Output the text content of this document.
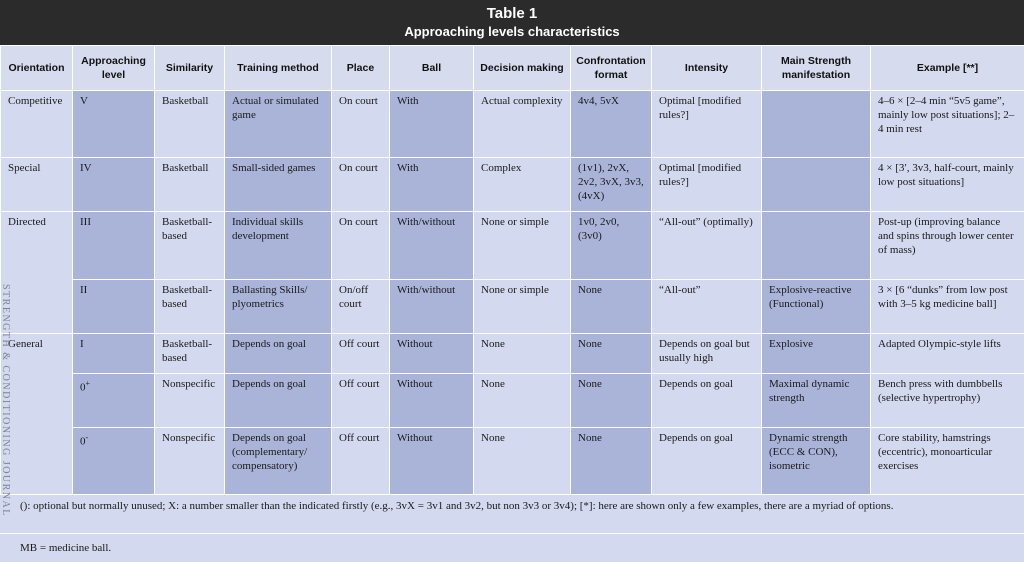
Table 1
Approaching levels characteristics
Orientation	Approaching level	Similarity	Training method	Place	Ball	Decision making	Confrontation format	Intensity	Main Strength manifestation	Example [**]
Competitive	V	Basketball	Actual or simulated game	On court	With	Actual complexity	4v4, 5vX	Optimal [modified rules?]		4–6 × [2–4 min “5v5 game”, mainly low post situations]; 2–4 min rest
Special	IV	Basketball	Small-sided games	On court	With	Complex	(1v1), 2vX, 2v2, 3vX, 3v3, (4vX)	Optimal [modified rules?]		4 × [3′, 3v3, half-court, mainly low post situations]
Directed	III	Basketball-based	Individual skills development	On court	With/without	None or simple	1v0, 2v0, (3v0)	“All-out” (optimally)		Post-up (improving balance and spins through lower center of mass)
	II	Basketball-based	Ballasting Skills/ plyometrics	On/off court	With/without	None or simple	None	“All-out”	Explosive-reactive (Functional)	3 × [6 “dunks” from low post with 3–5 kg medicine ball]
General	I	Basketball-based	Depends on goal	Off court	Without	None	None	Depends on goal but usually high	Explosive	Adapted Olympic-style lifts
	0+	Nonspecific	Depends on goal	Off court	Without	None	None	Depends on goal	Maximal dynamic strength	Bench press with dumbbells (selective hypertrophy)
	0-	Nonspecific	Depends on goal (complementary/ compensatory)	Off court	Without	None	None	Depends on goal	Dynamic strength (ECC & CON), isometric	Core stability, hamstrings (eccentric), monoarticular exercises
(): optional but normally unused; X: a number smaller than the indicated firstly (e.g., 3vX = 3v1 and 3v2, but non 3v3 or 3v4); [*]: here are shown only a few examples, there are a myriad of options.
MB = medicine ball.
STRENGTH & CONDITIONING JOURNAL
